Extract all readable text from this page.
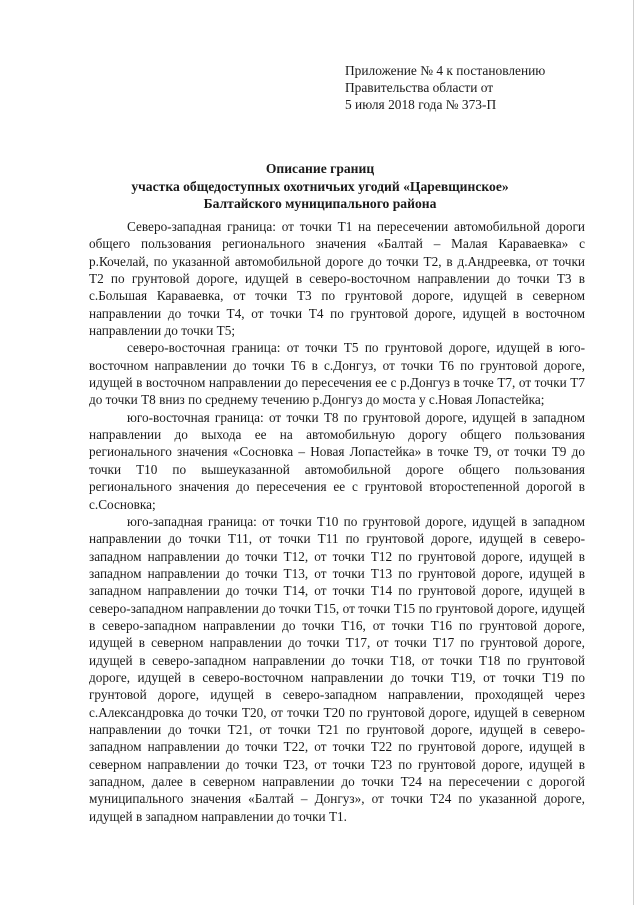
Приложение № 4 к постановлению
Правительства области от
5 июля 2018 года № 373-П
Описание границ
участка общедоступных охотничьих угодий «Царевщинское»
Балтайского муниципального района

Северо-западная граница: от точки Т1 на пересечении автомобильной дороги общего пользования регионального значения «Балтай – Малая Караваевка» с р.Кочелай, по указанной автомобильной дороге до точки Т2, в д.Андреевка, от точки Т2 по грунтовой дороге, идущей в северо-восточном направлении до точки Т3 в с.Большая Караваевка, от точки Т3 по грунтовой дороге, идущей в северном направлении до точки Т4, от точки Т4 по грунтовой дороге, идущей в восточном направлении до точки Т5;

северо-восточная граница: от точки Т5 по грунтовой дороге, идущей в юго-восточном направлении до точки Т6 в с.Донгуз, от точки Т6 по грунтовой дороге, идущей в восточном направлении до пересечения ее с р.Донгуз в точке Т7, от точки Т7 до точки Т8 вниз по среднему течению р.Донгуз до моста у с.Новая Лопастейка;

юго-восточная граница: от точки Т8 по грунтовой дороге, идущей в западном направлении до выхода ее на автомобильную дорогу общего пользования регионального значения «Сосновка – Новая Лопастейка» в точке Т9, от точки Т9 до точки Т10 по вышеуказанной автомобильной дороге общего пользования регионального значения до пересечения ее с грунтовой второстепенной дорогой в с.Сосновка;

юго-западная граница: от точки Т10 по грунтовой дороге, идущей в западном направлении до точки Т11, от точки Т11 по грунтовой дороге, идущей в северо-западном направлении до точки Т12, от точки Т12 по грунтовой дороге, идущей в западном направлении до точки Т13, от точки Т13 по грунтовой дороге, идущей в западном направлении до точки Т14, от точки Т14 по грунтовой дороге, идущей в северо-западном направлении до точки Т15, от точки Т15 по грунтовой дороге, идущей в северо-западном направлении до точки Т16, от точки Т16 по грунтовой дороге, идущей в северном направлении до точки Т17, от точки Т17 по грунтовой дороге, идущей в северо-западном направлении до точки Т18, от точки Т18 по грунтовой дороге, идущей в северо-восточном направлении до точки Т19, от точки Т19 по грунтовой дороге, идущей в северо-западном направлении, проходящей через с.Александровка до точки Т20, от точки Т20 по грунтовой дороге, идущей в северном направлении до точки Т21, от точки Т21 по грунтовой дороге, идущей в северо-западном направлении до точки Т22, от точки Т22 по грунтовой дороге, идущей в северном направлении до точки Т23, от точки Т23 по грунтовой дороге, идущей в западном, далее в северном направлении до точки Т24 на пересечении с дорогой муниципального значения «Балтай – Донгуз», от точки Т24 по указанной дороге, идущей в западном направлении до точки Т1.
